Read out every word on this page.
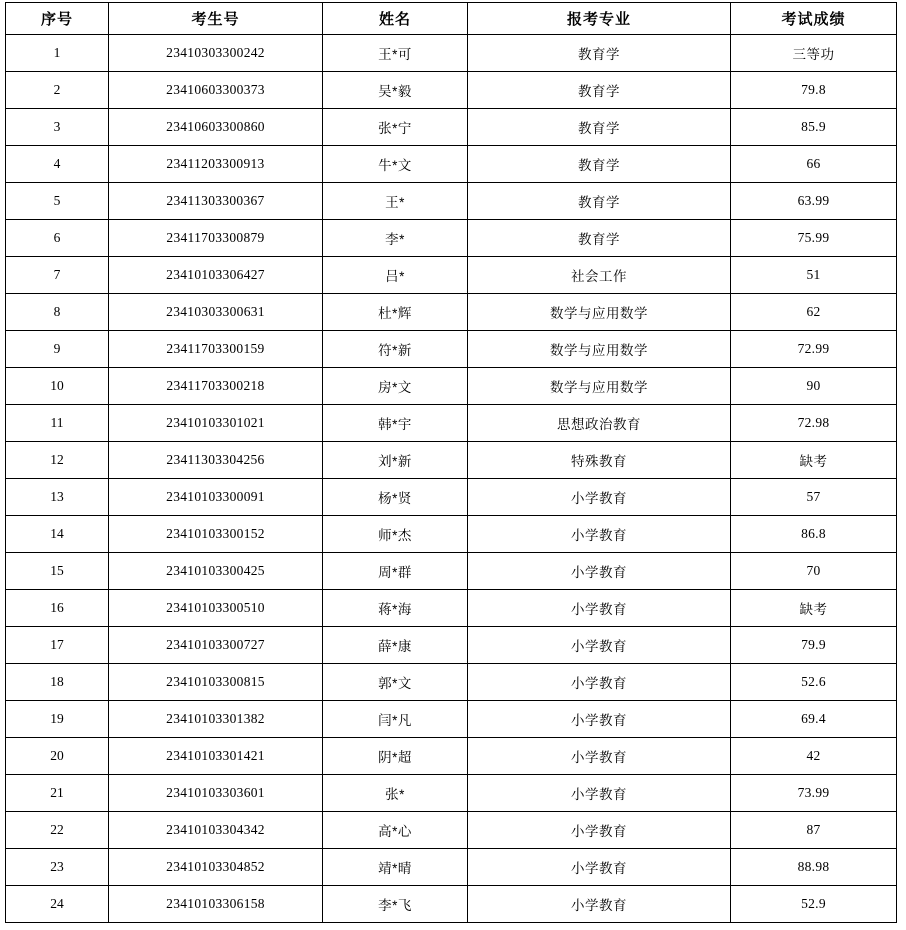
序号	考生号	姓名	报考专业	考试成绩
1	23410303300242	王*可	教育学	三等功
2	23410603300373	吴*毅	教育学	79.8
3	23410603300860	张*宁	教育学	85.9
4	23411203300913	牛*文	教育学	66
5	23411303300367	王*	教育学	63.99
6	23411703300879	李*	教育学	75.99
7	23410103306427	吕*	社会工作	51
8	23410303300631	杜*辉	数学与应用数学	62
9	23411703300159	符*新	数学与应用数学	72.99
10	23411703300218	房*文	数学与应用数学	90
11	23410103301021	韩*宇	思想政治教育	72.98
12	23411303304256	刘*新	特殊教育	缺考
13	23410103300091	杨*贤	小学教育	57
14	23410103300152	师*杰	小学教育	86.8
15	23410103300425	周*群	小学教育	70
16	23410103300510	蒋*海	小学教育	缺考
17	23410103300727	薛*康	小学教育	79.9
18	23410103300815	郭*文	小学教育	52.6
19	23410103301382	闫*凡	小学教育	69.4
20	23410103301421	阴*超	小学教育	42
21	23410103303601	张*	小学教育	73.99
22	23410103304342	高*心	小学教育	87
23	23410103304852	靖*晴	小学教育	88.98
24	23410103306158	李*飞	小学教育	52.9
